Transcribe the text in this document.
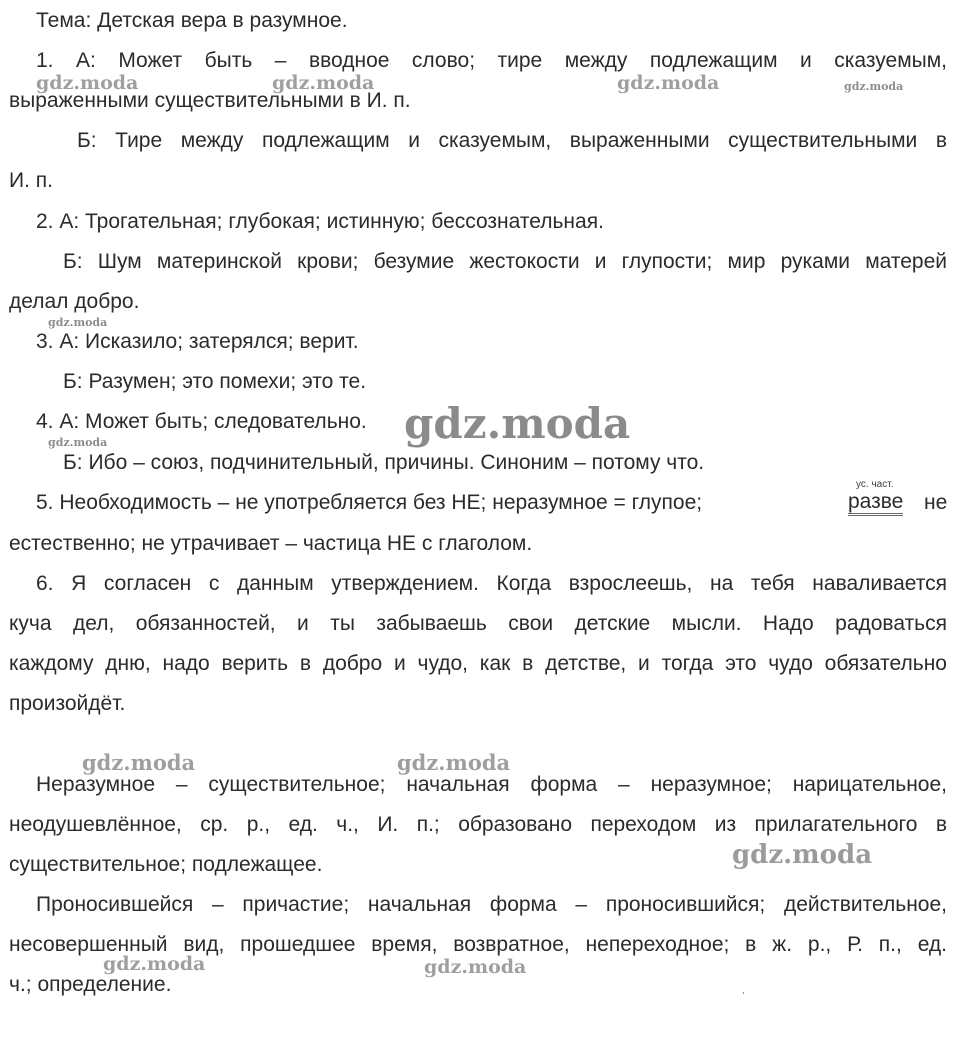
Тема: Детская вера в разумное.
1. А: Может быть – вводное слово; тире между подлежащим и сказуемым,
выраженными существительными в И. п.
Б: Тире между подлежащим и сказуемым, выраженными существительными в
И. п.
2. А: Трогательная; глубокая; истинную; бессознательная.
Б: Шум материнской крови; безумие жестокости и глупости; мир руками матерей
делал добро.
3. А: Исказило; затерялся; верит.
Б: Разумен; это помехи; это те.
4. А: Может быть; следовательно.
Б: Ибо – союз, подчинительный, причины. Синоним – потому что.
ус. част.
5. Необходимость – не употребляется без НЕ; неразумное = глупое;	разве не
естественно; не утрачивает – частица НЕ с глаголом.
6. Я согласен с данным утверждением. Когда взрослеешь, на тебя наваливается
куча дел, обязанностей, и ты забываешь свои детские мысли. Надо радоваться
каждому дню, надо верить в добро и чудо, как в детстве, и тогда это чудо обязательно
произойдёт.
Неразумное – существительное; начальная форма – неразумное; нарицательное,
неодушевлённое, ср. р., ед. ч., И. п.; образовано переходом из прилагательного в
существительное; подлежащее.
Проносившейся – причастие; начальная форма – проносившийся; действительное,
несовершенный вид, прошедшее время, возвратное, непереходное; в ж. р., Р. п., ед.
ч.; определение.
gdz.moda	gdz.moda	gdz.moda	gdz.moda
gdz.moda
gdz.moda
gdz.moda
gdz.moda	gdz.moda
gdz.moda
gdz.moda	gdz.moda
,
